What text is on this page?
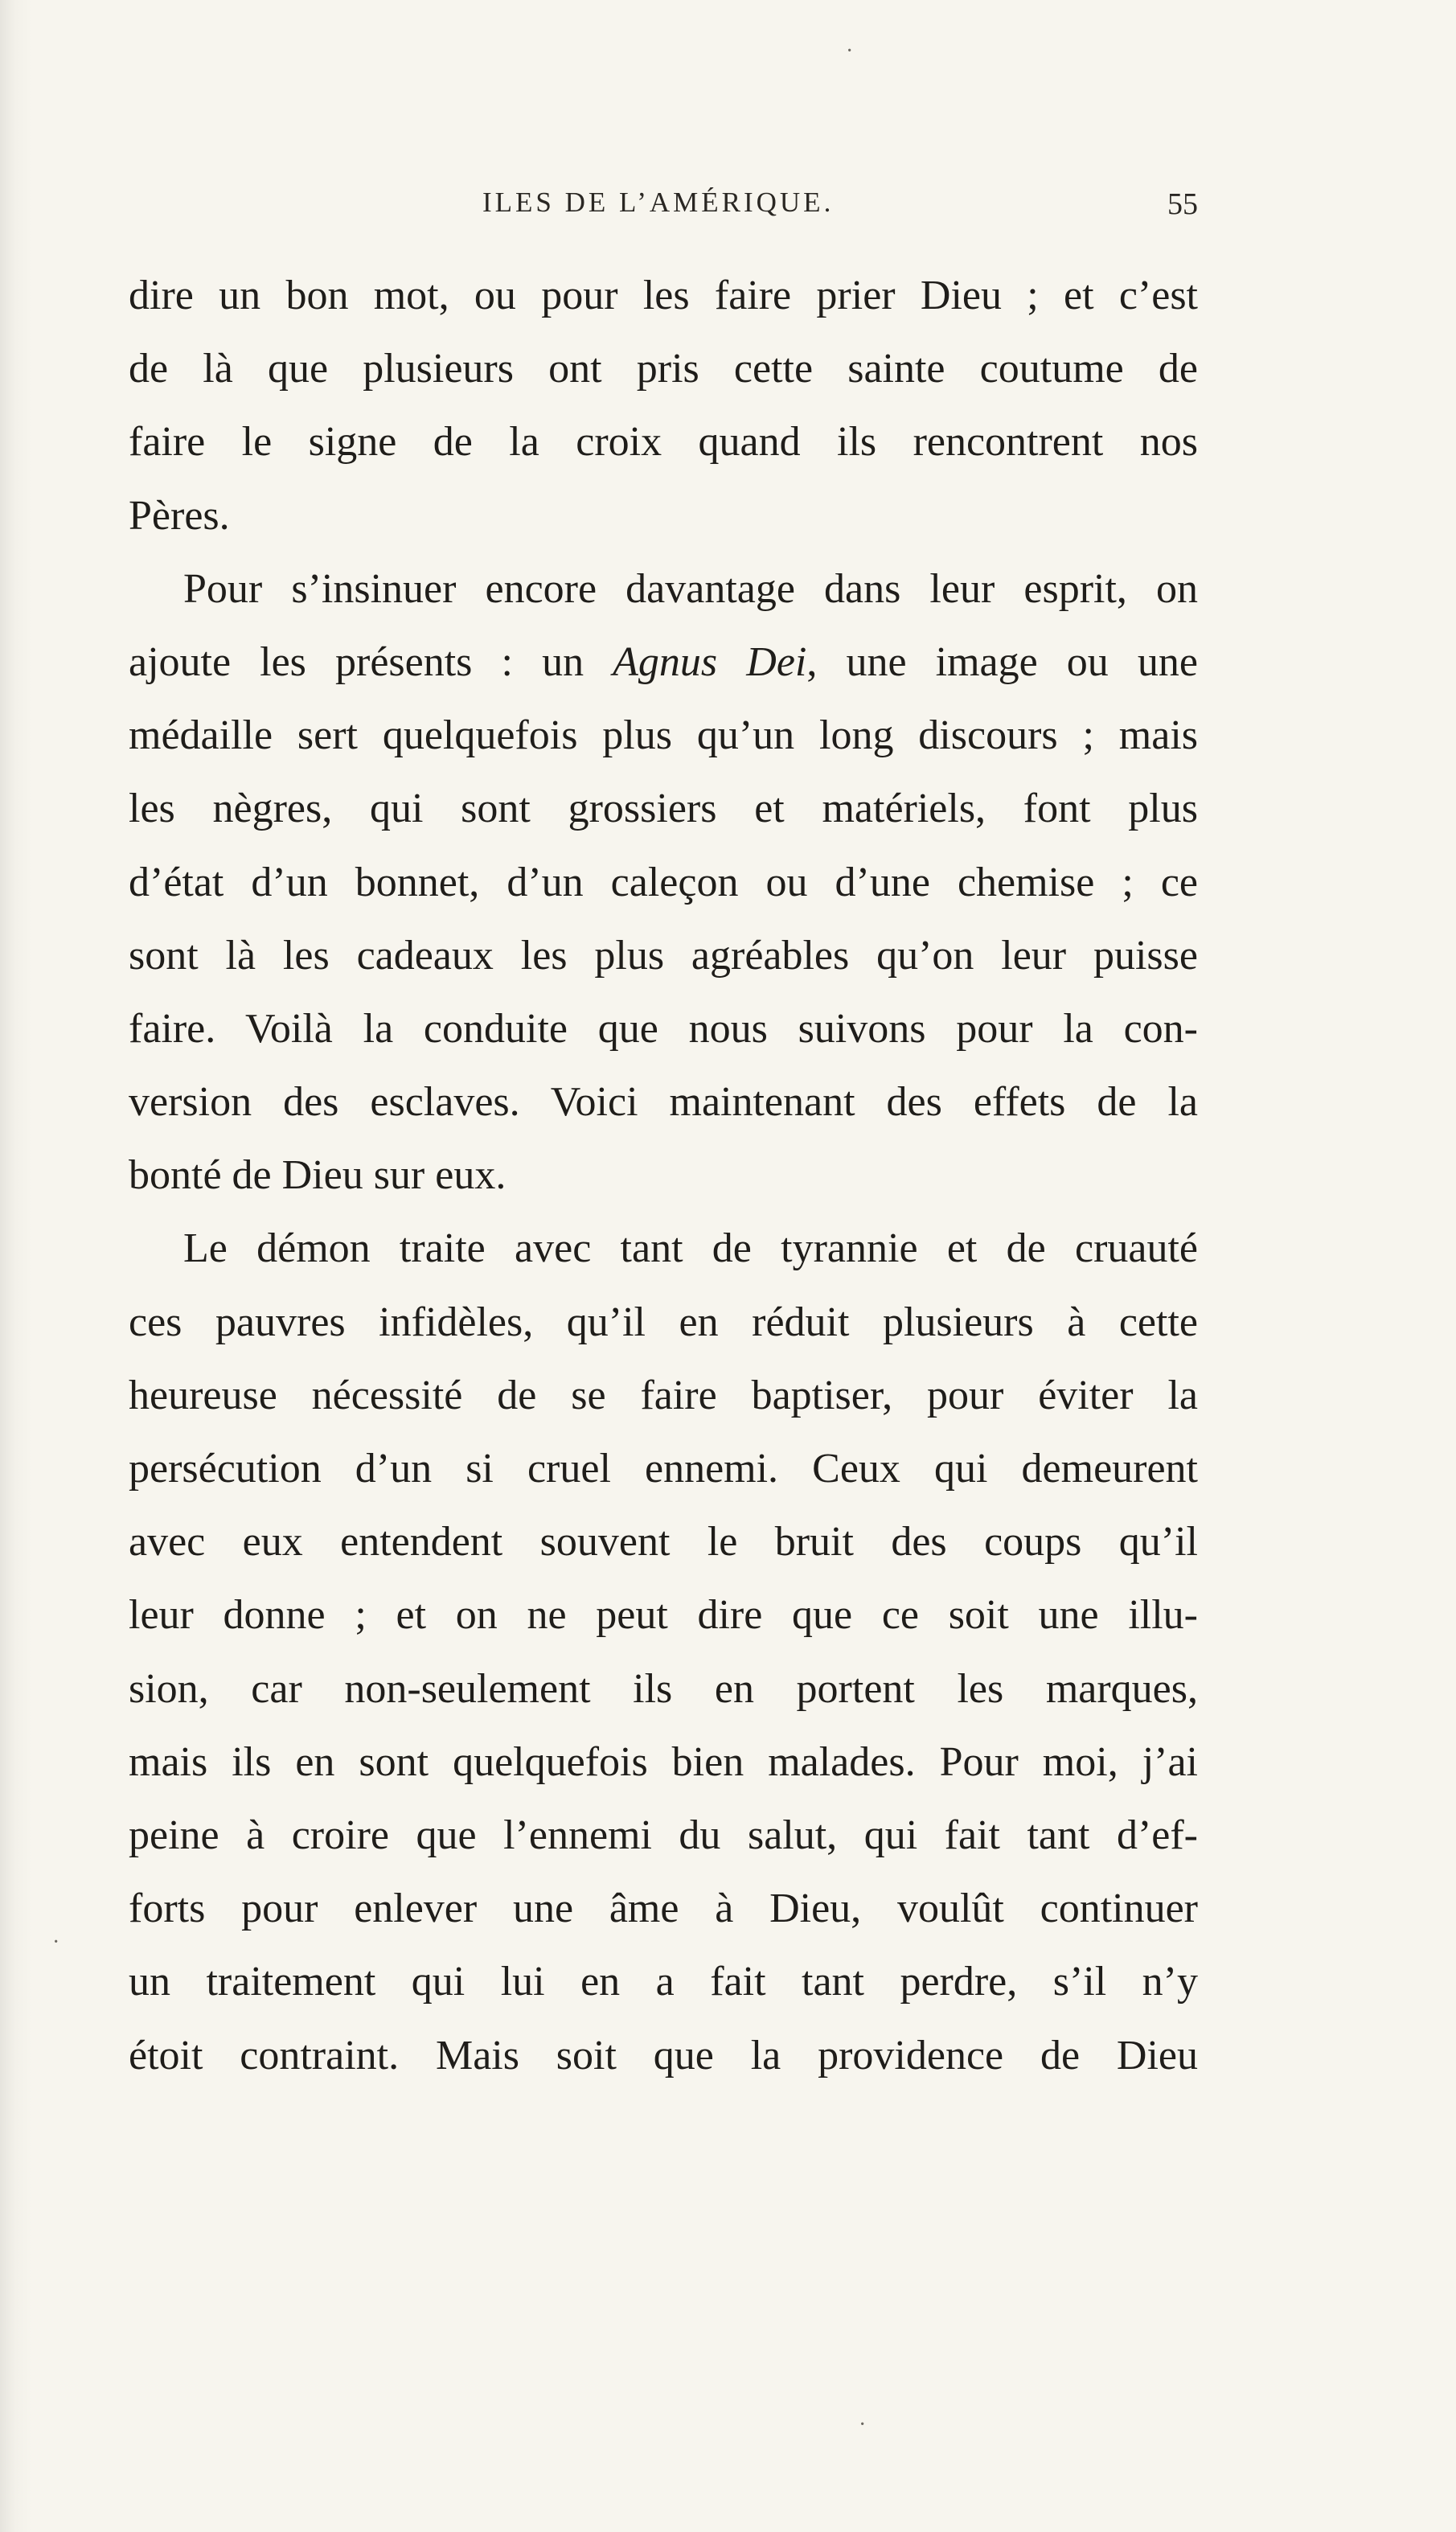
ILES DE L’AMÉRIQUE.	55
dire un bon mot, ou pour les faire prier Dieu ; et c’est
de là que plusieurs ont pris cette sainte coutume de
faire le signe de la croix quand ils rencontrent nos
Pères.
Pour s’insinuer encore davantage dans leur esprit, on
ajoute les présents : un Agnus Dei, une image ou une
médaille sert quelquefois plus qu’un long discours ; mais
les nègres, qui sont grossiers et matériels, font plus
d’état d’un bonnet, d’un caleçon ou d’une chemise ; ce
sont là les cadeaux les plus agréables qu’on leur puisse
faire. Voilà la conduite que nous suivons pour la con-
version des esclaves. Voici maintenant des effets de la
bonté de Dieu sur eux.
Le démon traite avec tant de tyrannie et de cruauté
ces pauvres infidèles, qu’il en réduit plusieurs à cette
heureuse nécessité de se faire baptiser, pour éviter la
persécution d’un si cruel ennemi. Ceux qui demeurent
avec eux entendent souvent le bruit des coups qu’il
leur donne ; et on ne peut dire que ce soit une illu-
sion, car non-seulement ils en portent les marques,
mais ils en sont quelquefois bien malades. Pour moi, j’ai
peine à croire que l’ennemi du salut, qui fait tant d’ef-
forts pour enlever une âme à Dieu, voulût continuer
un traitement qui lui en a fait tant perdre, s’il n’y
étoit contraint. Mais soit que la providence de Dieu
·
·
·
